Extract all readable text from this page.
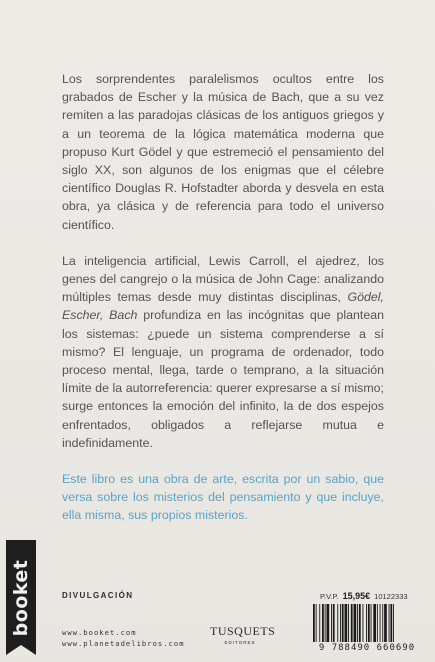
Los sorprendentes paralelismos ocultos entre los grabados de Escher y la música de Bach, que a su vez remiten a las paradojas clásicas de los antiguos griegos y a un teorema de la lógica matemática moderna que propuso Kurt Gödel y que estremeció el pensamiento del siglo XX, son algunos de los enigmas que el célebre científico Douglas R. Hofstadter aborda y desvela en esta obra, ya clásica y de referencia para todo el universo científico.

La inteligencia artificial, Lewis Carroll, el ajedrez, los genes del cangrejo o la música de John Cage: analizando múltiples temas desde muy distintas disciplinas, Gödel, Escher, Bach profundiza en las incógnitas que plantean los sistemas: ¿puede un sistema comprenderse a sí mismo? El lenguaje, un programa de ordenador, todo proceso mental, llega, tarde o temprano, a la situación límite de la autorreferencia: querer expresarse a sí mismo; surge entonces la emoción del infinito, la de dos espejos enfrentados, obligados a reflejarse mutua e indefinidamente.

Este libro es una obra de arte, escrita por un sabio, que versa sobre los misterios del pensamiento y que incluye, ella misma, sus propios misterios.

booket	DIVULGACIÓN
www.booket.com
www.planetadelibros.com
TUSQUETS
EDITORES
P.V.P. 15,95€ 10122333
9 788490 660690
